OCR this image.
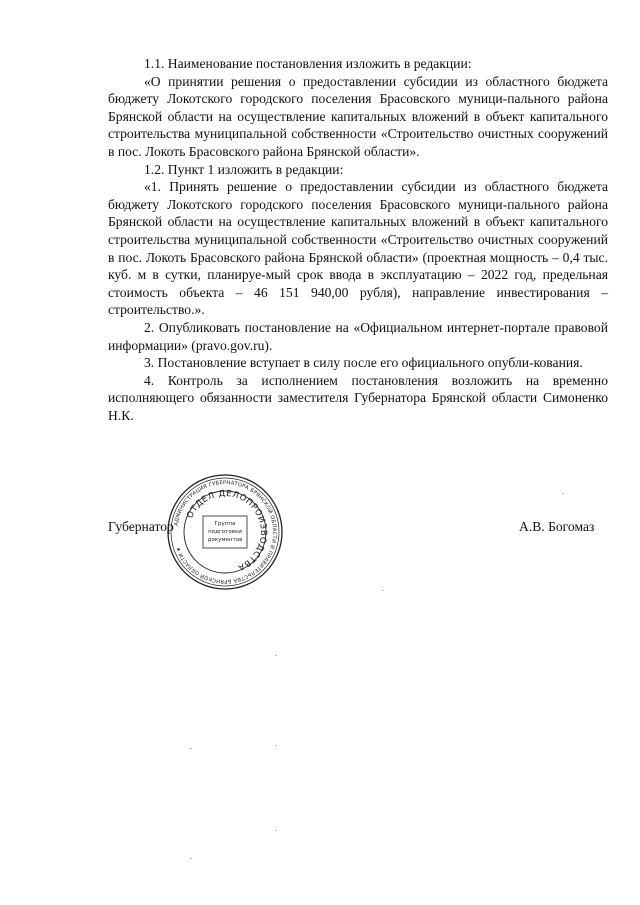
1.1. Наименование постановления изложить в редакции:

«О принятии решения о предоставлении субсидии из областного бюджета бюджету Локотского городского поселения Брасовского муници-пального района Брянской области на осуществление капитальных вложений в объект капитального строительства муниципальной собственности «Строительство очистных сооружений в пос. Локоть Брасовского района Брянской области».

1.2. Пункт 1 изложить в редакции:

«1. Принять решение о предоставлении субсидии из областного бюджета бюджету Локотского городского поселения Брасовского муници-пального района Брянской области на осуществление капитальных вложений в объект капитального строительства муниципальной собственности «Строительство очистных сооружений в пос. Локоть Брасовского района Брянской области» (проектная мощность – 0,4 тыс. куб. м в сутки, планируе-мый срок ввода в эксплуатацию – 2022 год, предельная стоимость объекта – 46 151 940,00 рубля), направление инвестирования – строительство.».

2. Опубликовать постановление на «Официальном интернет-портале правовой информации» (pravo.gov.ru).

3. Постановление вступает в силу после его официального опубли-кования.

4. Контроль за исполнением постановления возложить на временно исполняющего обязанности заместителя Губернатора Брянской области Симоненко Н.К.

Губернатор	А.В. Богомаз
АДМИНИСТРАЦИЯ ГУБЕРНАТОРА БРЯНСКОЙ ОБЛАСТИ И ПРАВИТЕЛЬСТВА БРЯНСКОЙ ОБЛАСТИ ★
ОТДЕЛ ДЕЛОПРОИЗВОДСТВА
Группа
подготовки
документов
